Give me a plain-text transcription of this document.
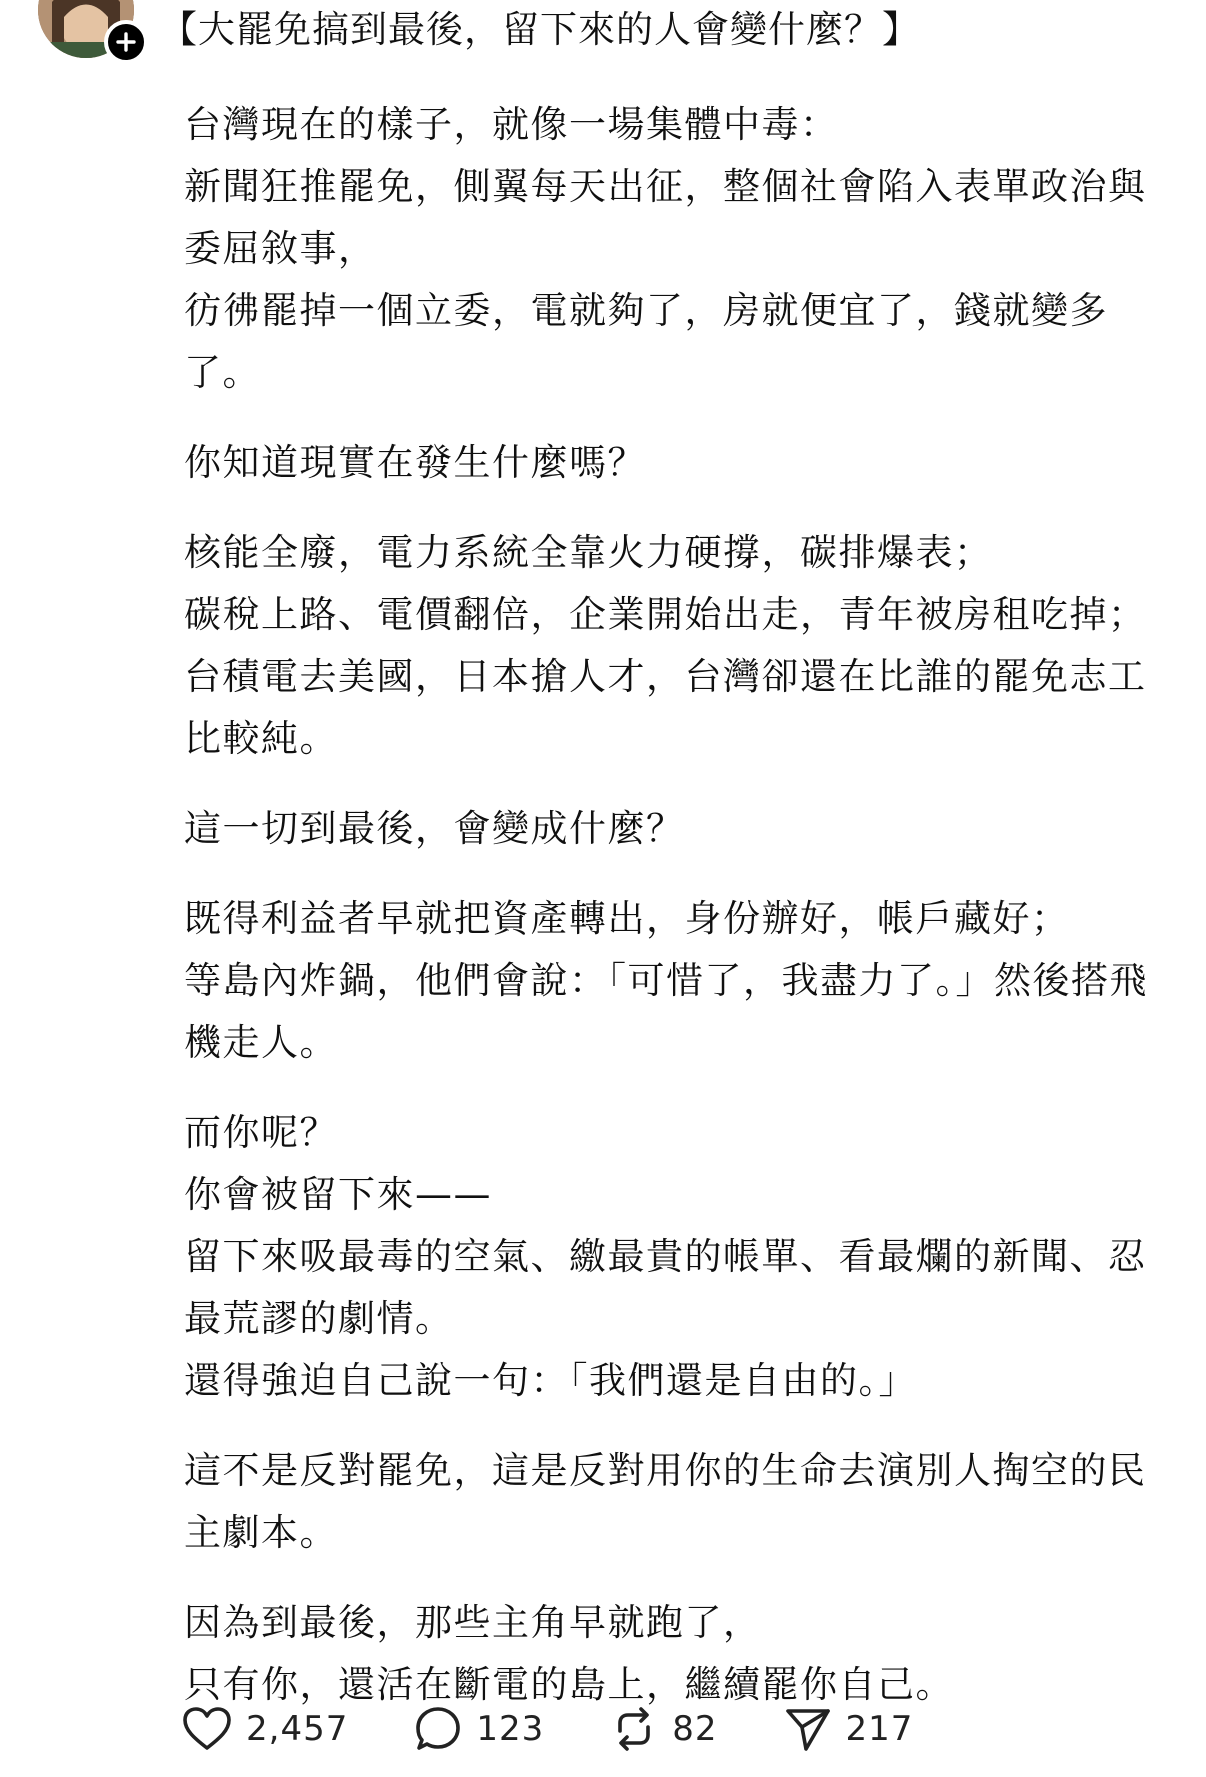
【大罷免搞到最後，留下來的人會變什麼？】
台灣現在的樣子，就像一場集體中毒：
新聞狂推罷免，側翼每天出征，整個社會陷入表單政治與
委屈敘事，
彷彿罷掉一個立委，電就夠了，房就便宜了，錢就變多
了。
你知道現實在發生什麼嗎？
核能全廢，電力系統全靠火力硬撐，碳排爆表；
碳稅上路、電價翻倍，企業開始出走，青年被房租吃掉；
台積電去美國，日本搶人才，台灣卻還在比誰的罷免志工
比較純。
這一切到最後，會變成什麼？
既得利益者早就把資產轉出，身份辦好，帳戶藏好；
等島內炸鍋，他們會說：「可惜了，我盡力了。」然後搭飛
機走人。
而你呢？
你會被留下來——
留下來吸最毒的空氣、繳最貴的帳單、看最爛的新聞、忍
最荒謬的劇情。
還得強迫自己說一句：「我們還是自由的。」
這不是反對罷免，這是反對用你的生命去演別人掏空的民
主劇本。
因為到最後，那些主角早就跑了，
只有你，還活在斷電的島上，繼續罷你自己。
2,457	123	82	217
